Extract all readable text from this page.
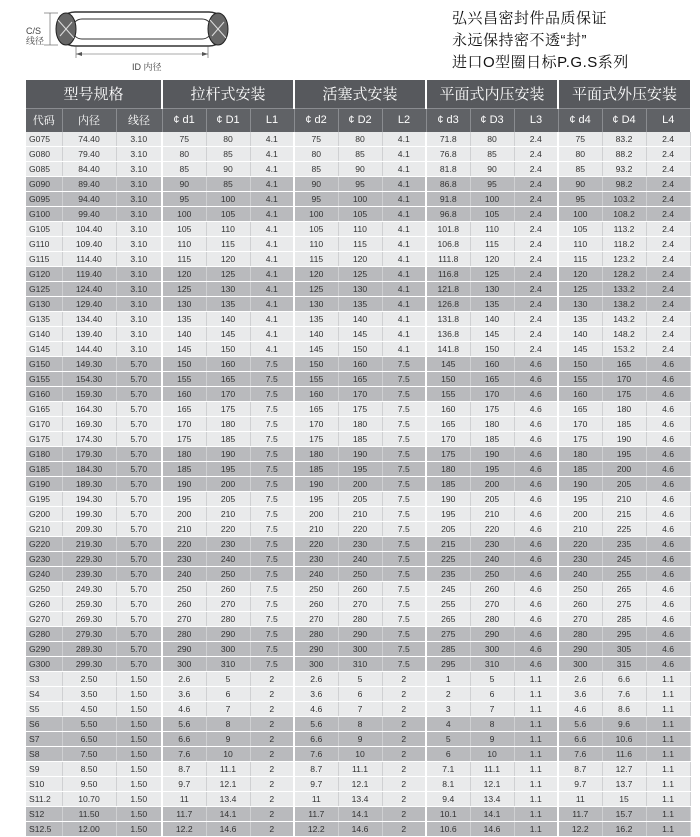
C/S
线径
ID 内径
弘兴昌密封件品质保证
永远保持密不透“封”
进口O型圈日标P.G.S系列
型号规格			拉杆式安装			活塞式安装			平面式内压安装			平面式外压安装		
代码	内径	线径	¢ d1	¢ D1	L1	¢ d2	¢ D2	L2	¢ d3	¢ D3	L3	¢ d4	¢ D4	L4
G075	74.40	3.10	75	80	4.1	75	80	4.1	71.8	80	2.4	75	83.2	2.4
G080	79.40	3.10	80	85	4.1	80	85	4.1	76.8	85	2.4	80	88.2	2.4
G085	84.40	3.10	85	90	4.1	85	90	4.1	81.8	90	2.4	85	93.2	2.4
G090	89.40	3.10	90	85	4.1	90	95	4.1	86.8	95	2.4	90	98.2	2.4
G095	94.40	3.10	95	100	4.1	95	100	4.1	91.8	100	2.4	95	103.2	2.4
G100	99.40	3.10	100	105	4.1	100	105	4.1	96.8	105	2.4	100	108.2	2.4
G105	104.40	3.10	105	110	4.1	105	110	4.1	101.8	110	2.4	105	113.2	2.4
G110	109.40	3.10	110	115	4.1	110	115	4.1	106.8	115	2.4	110	118.2	2.4
G115	114.40	3.10	115	120	4.1	115	120	4.1	111.8	120	2.4	115	123.2	2.4
G120	119.40	3.10	120	125	4.1	120	125	4.1	116.8	125	2.4	120	128.2	2.4
G125	124.40	3.10	125	130	4.1	125	130	4.1	121.8	130	2.4	125	133.2	2.4
G130	129.40	3.10	130	135	4.1	130	135	4.1	126.8	135	2.4	130	138.2	2.4
G135	134.40	3.10	135	140	4.1	135	140	4.1	131.8	140	2.4	135	143.2	2.4
G140	139.40	3.10	140	145	4.1	140	145	4.1	136.8	145	2.4	140	148.2	2.4
G145	144.40	3.10	145	150	4.1	145	150	4.1	141.8	150	2.4	145	153.2	2.4
G150	149.30	5.70	150	160	7.5	150	160	7.5	145	160	4.6	150	165	4.6
G155	154.30	5.70	155	165	7.5	155	165	7.5	150	165	4.6	155	170	4.6
G160	159.30	5.70	160	170	7.5	160	170	7.5	155	170	4.6	160	175	4.6
G165	164.30	5.70	165	175	7.5	165	175	7.5	160	175	4.6	165	180	4.6
G170	169.30	5.70	170	180	7.5	170	180	7.5	165	180	4.6	170	185	4.6
G175	174.30	5.70	175	185	7.5	175	185	7.5	170	185	4.6	175	190	4.6
G180	179.30	5.70	180	190	7.5	180	190	7.5	175	190	4.6	180	195	4.6
G185	184.30	5.70	185	195	7.5	185	195	7.5	180	195	4.6	185	200	4.6
G190	189.30	5.70	190	200	7.5	190	200	7.5	185	200	4.6	190	205	4.6
G195	194.30	5.70	195	205	7.5	195	205	7.5	190	205	4.6	195	210	4.6
G200	199.30	5.70	200	210	7.5	200	210	7.5	195	210	4.6	200	215	4.6
G210	209.30	5.70	210	220	7.5	210	220	7.5	205	220	4.6	210	225	4.6
G220	219.30	5.70	220	230	7.5	220	230	7.5	215	230	4.6	220	235	4.6
G230	229.30	5.70	230	240	7.5	230	240	7.5	225	240	4.6	230	245	4.6
G240	239.30	5.70	240	250	7.5	240	250	7.5	235	250	4.6	240	255	4.6
G250	249.30	5.70	250	260	7.5	250	260	7.5	245	260	4.6	250	265	4.6
G260	259.30	5.70	260	270	7.5	260	270	7.5	255	270	4.6	260	275	4.6
G270	269.30	5.70	270	280	7.5	270	280	7.5	265	280	4.6	270	285	4.6
G280	279.30	5.70	280	290	7.5	280	290	7.5	275	290	4.6	280	295	4.6
G290	289.30	5.70	290	300	7.5	290	300	7.5	285	300	4.6	290	305	4.6
G300	299.30	5.70	300	310	7.5	300	310	7.5	295	310	4.6	300	315	4.6
S3	2.50	1.50	2.6	5	2	2.6	5	2	1	5	1.1	2.6	6.6	1.1
S4	3.50	1.50	3.6	6	2	3.6	6	2	2	6	1.1	3.6	7.6	1.1
S5	4.50	1.50	4.6	7	2	4.6	7	2	3	7	1.1	4.6	8.6	1.1
S6	5.50	1.50	5.6	8	2	5.6	8	2	4	8	1.1	5.6	9.6	1.1
S7	6.50	1.50	6.6	9	2	6.6	9	2	5	9	1.1	6.6	10.6	1.1
S8	7.50	1.50	7.6	10	2	7.6	10	2	6	10	1.1	7.6	11.6	1.1
S9	8.50	1.50	8.7	11.1	2	8.7	11.1	2	7.1	11.1	1.1	8.7	12.7	1.1
S10	9.50	1.50	9.7	12.1	2	9.7	12.1	2	8.1	12.1	1.1	9.7	13.7	1.1
S11.2	10.70	1.50	11	13.4	2	11	13.4	2	9.4	13.4	1.1	11	15	1.1
S12	11.50	1.50	11.7	14.1	2	11.7	14.1	2	10.1	14.1	1.1	11.7	15.7	1.1
S12.5	12.00	1.50	12.2	14.6	2	12.2	14.6	2	10.6	14.6	1.1	12.2	16.2	1.1
